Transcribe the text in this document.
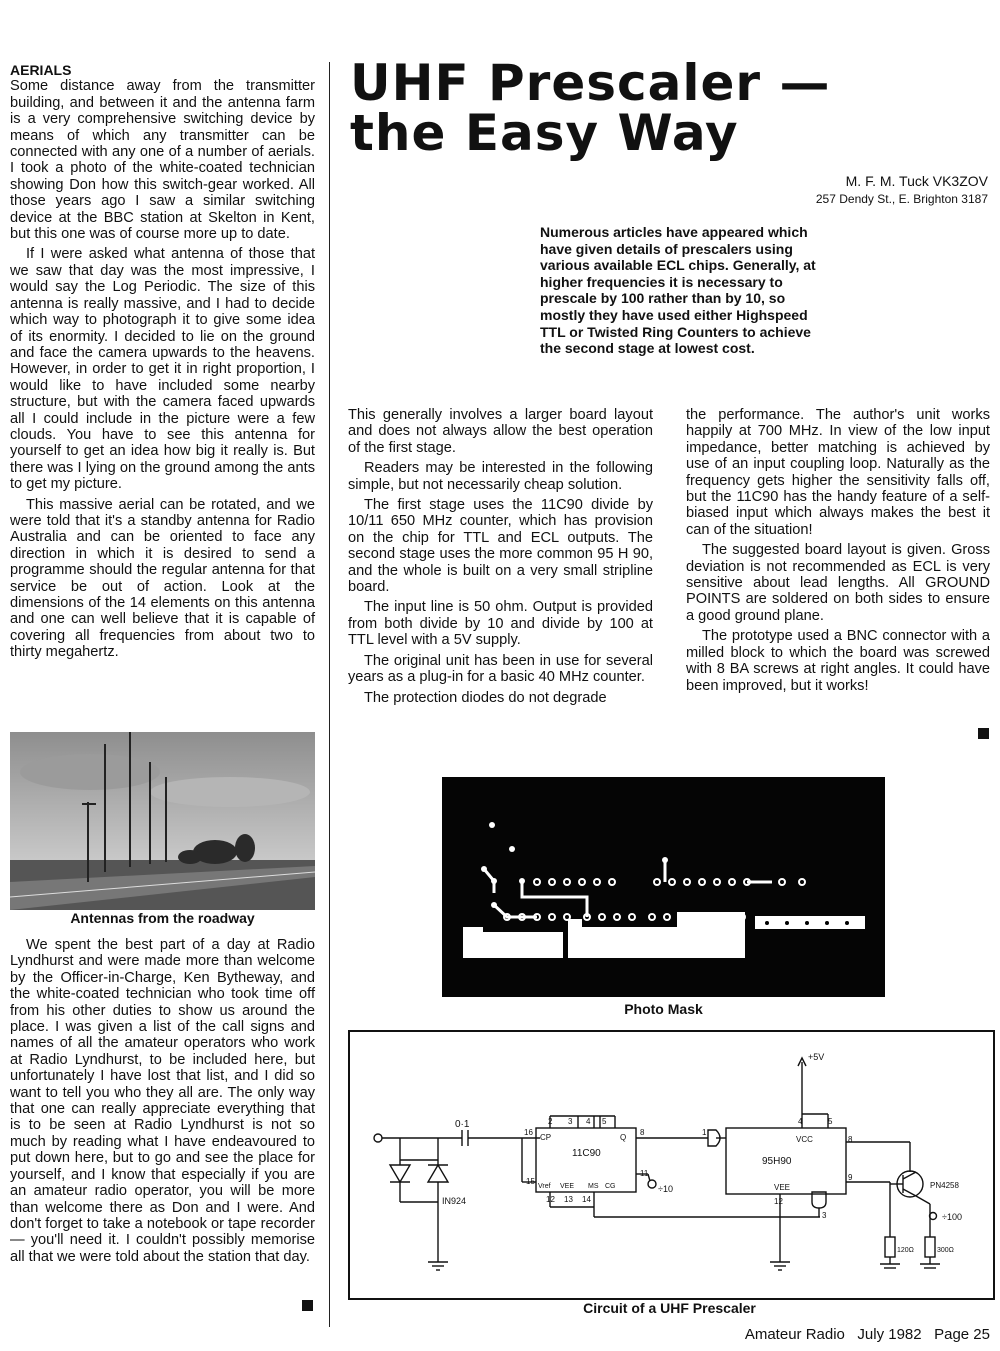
AERIALS

Some distance away from the transmitter building, and between it and the antenna farm is a very comprehensive switching device by means of which any transmitter can be connected with any one of a number of aerials. I took a photo of the white-coated technician showing Don how this switch-gear worked. All those years ago I saw a similar switching device at the BBC station at Skelton in Kent, but this one was of course more up to date.

If I were asked what antenna of those that we saw that day was the most impressive, I would say the Log Periodic. The size of this antenna is really massive, and I had to decide which way to photograph it to give some idea of its enormity. I decided to lie on the ground and face the camera upwards to the heavens. However, in order to get it in right proportion, I would like to have included some nearby structure, but with the camera faced upwards all I could include in the picture were a few clouds. You have to see this antenna for yourself to get an idea how big it really is. But there was I lying on the ground among the ants to get my picture.

This massive aerial can be rotated, and we were told that it's a standby antenna for Radio Australia and can be oriented to face any direction in which it is desired to send a programme should the regular antenna for that service be out of action. Look at the dimensions of the 14 elements on this antenna and one can well believe that it is capable of covering all frequencies from about two to thirty megahertz.

Antennas from the roadway

We spent the best part of a day at Radio Lyndhurst and were made more than welcome by the Officer-in-Charge, Ken Bytheway, and the white-coated technician who took time off from his other duties to show us around the place. I was given a list of the call signs and names of all the amateur operators who work at Radio Lyndhurst, to be included here, but unfortunately I have lost that list, and I did so want to tell you who they all are. The only way that one can really appreciate everything that is to be seen at Radio Lyndhurst is not so much by reading what I have endeavoured to put down here, but to go and see the place for yourself, and I know that especially if you are an amateur radio operator, you will be more than welcome there as Don and I were. And don't forget to take a notebook or tape recorder — you'll need it. I couldn't possibly memorise all that we were told about the station that day.

UHF Prescaler —
the Easy Way
M. F. M. Tuck VK3ZOV
257 Dendy St., E. Brighton 3187
Numerous articles have appeared which have given details of prescalers using various available ECL chips. Generally, at higher frequencies it is necessary to prescale by 100 rather than by 10, so mostly they have used either Highspeed TTL or Twisted Ring Counters to achieve the second stage at lowest cost.

This generally involves a larger board layout and does not always allow the best operation of the first stage.

Readers may be interested in the following simple, but not necessarily cheap solution.

The first stage uses the 11C90 divide by 10/11 650 MHz counter, which has provision on the chip for TTL and ECL outputs. The second stage uses the more common 95 H 90, and the whole is built on a very small stripline board.

The input line is 50 ohm. Output is provided from both divide by 10 and divide by 100 at TTL level with a 5V supply.

The original unit has been in use for several years as a plug-in for a basic 40 MHz counter.

The protection diodes do not degrade

the performance. The author's unit works happily at 700 MHz. In view of the low input impedance, better matching is achieved by use of an input coupling loop. Naturally as the frequency gets higher the sensitivity falls off, but the 11C90 has the handy feature of a self-biased input which always makes the best it can of the situation!

The suggested board layout is given. Gross deviation is not recommended as ECL is very sensitive about lead lengths. All GROUND POINTS are soldered on both sides to ensure a good ground plane.

The prototype used a BNC connector with a milled block to which the board was screwed with 8 BA screws at right angles. It could have been improved, but it works!

Photo Mask
0·1
IN924
11C90
CP	Q
Vref VEE MS CG
16
15
8
11
2 3 4 5
12 13 14
÷10
95H90
VCC
VEE
1
4	5
8
9
12
3
+5V
PN4258
÷100
120Ω	300Ω
Circuit of a UHF Prescaler
Amateur Radio   July 1982   Page 25
